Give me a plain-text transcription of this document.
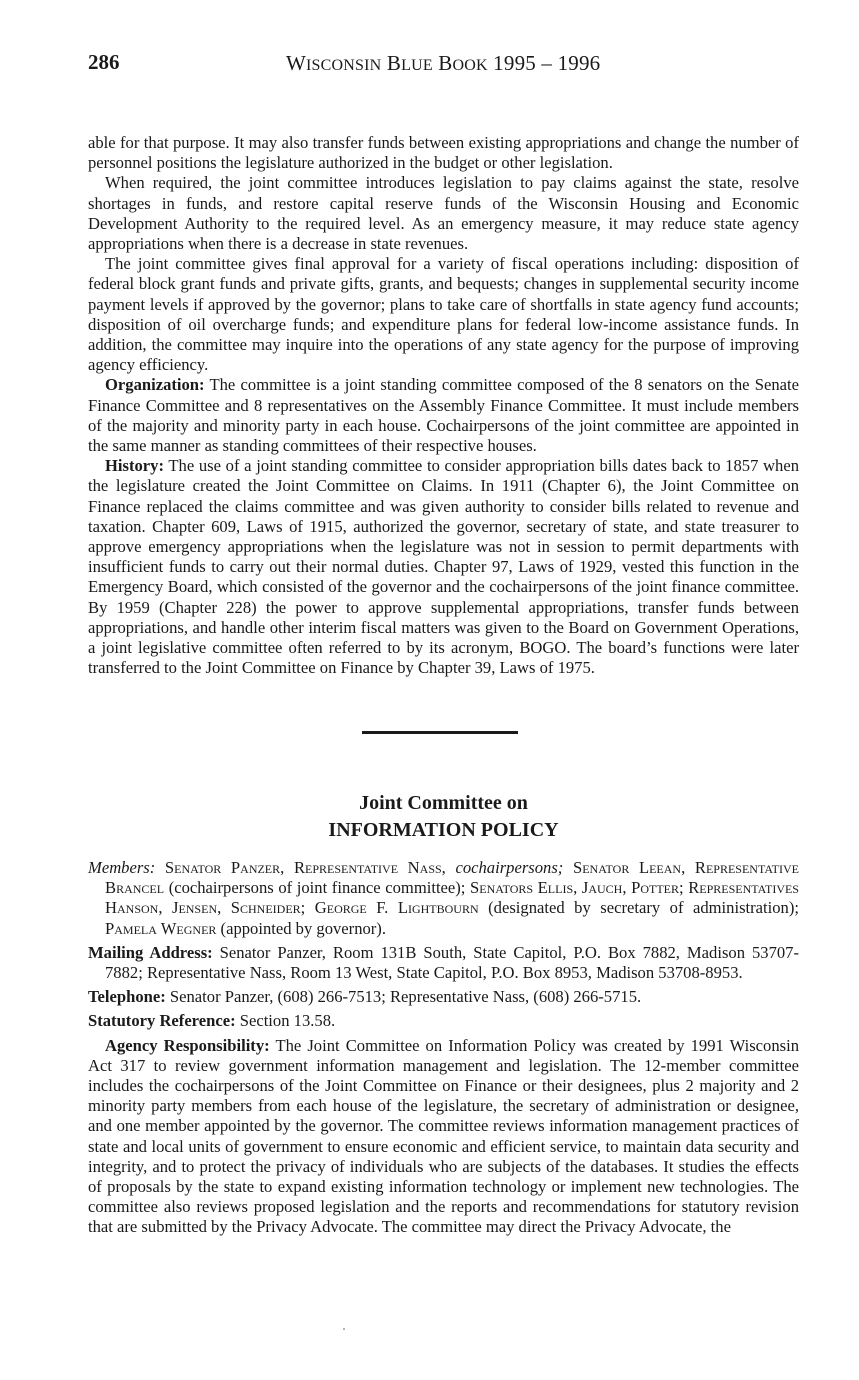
286	WISCONSIN BLUE BOOK 1995 – 1996

able for that purpose. It may also transfer funds between existing appropriations and change the number of personnel positions the legislature authorized in the budget or other legislation.

When required, the joint committee introduces legislation to pay claims against the state, resolve shortages in funds, and restore capital reserve funds of the Wisconsin Housing and Economic Development Authority to the required level. As an emergency measure, it may reduce state agency appropriations when there is a decrease in state revenues.

The joint committee gives final approval for a variety of fiscal operations including: disposition of federal block grant funds and private gifts, grants, and bequests; changes in supplemental security income payment levels if approved by the governor; plans to take care of shortfalls in state agency fund accounts; disposition of oil overcharge funds; and expenditure plans for federal low-income assistance funds. In addition, the committee may inquire into the operations of any state agency for the purpose of improving agency efficiency.

Organization: The committee is a joint standing committee composed of the 8 senators on the Senate Finance Committee and 8 representatives on the Assembly Finance Committee. It must include members of the majority and minority party in each house. Cochairpersons of the joint committee are appointed in the same manner as standing committees of their respective houses.

History: The use of a joint standing committee to consider appropriation bills dates back to 1857 when the legislature created the Joint Committee on Claims. In 1911 (Chapter 6), the Joint Committee on Finance replaced the claims committee and was given authority to consider bills related to revenue and taxation. Chapter 609, Laws of 1915, authorized the governor, secretary of state, and state treasurer to approve emergency appropriations when the legislature was not in session to permit departments with insufficient funds to carry out their normal duties. Chapter 97, Laws of 1929, vested this function in the Emergency Board, which consisted of the governor and the cochairpersons of the joint finance committee. By 1959 (Chapter 228) the power to approve supplemental appropriations, transfer funds between appropriations, and handle other interim fiscal matters was given to the Board on Government Operations, a joint legislative committee often referred to by its acronym, BOGO. The board’s functions were later transferred to the Joint Committee on Finance by Chapter 39, Laws of 1975.

Joint Committee on
INFORMATION POLICY

Members: Senator Panzer, Representative Nass, cochairpersons; Senator Leean, Representative Brancel (cochairpersons of joint finance committee); Senators Ellis, Jauch, Potter; Representatives Hanson, Jensen, Schneider; George F. Lightbourn (designated by secretary of administration); Pamela Wegner (appointed by governor).

Mailing Address: Senator Panzer, Room 131B South, State Capitol, P.O. Box 7882, Madison 53707-7882; Representative Nass, Room 13 West, State Capitol, P.O. Box 8953, Madison 53708-8953.

Telephone: Senator Panzer, (608) 266-7513; Representative Nass, (608) 266-5715.

Statutory Reference: Section 13.58.

Agency Responsibility: The Joint Committee on Information Policy was created by 1991 Wisconsin Act 317 to review government information management and legislation. The 12-member committee includes the cochairpersons of the Joint Committee on Finance or their designees, plus 2 majority and 2 minority party members from each house of the legislature, the secretary of administration or designee, and one member appointed by the governor. The committee reviews information management practices of state and local units of government to ensure economic and efficient service, to maintain data security and integrity, and to protect the privacy of individuals who are subjects of the databases. It studies the effects of proposals by the state to expand existing information technology or implement new technologies. The committee also reviews proposed legislation and the reports and recommendations for statutory revision that are submitted by the Privacy Advocate. The committee may direct the Privacy Advocate, the
